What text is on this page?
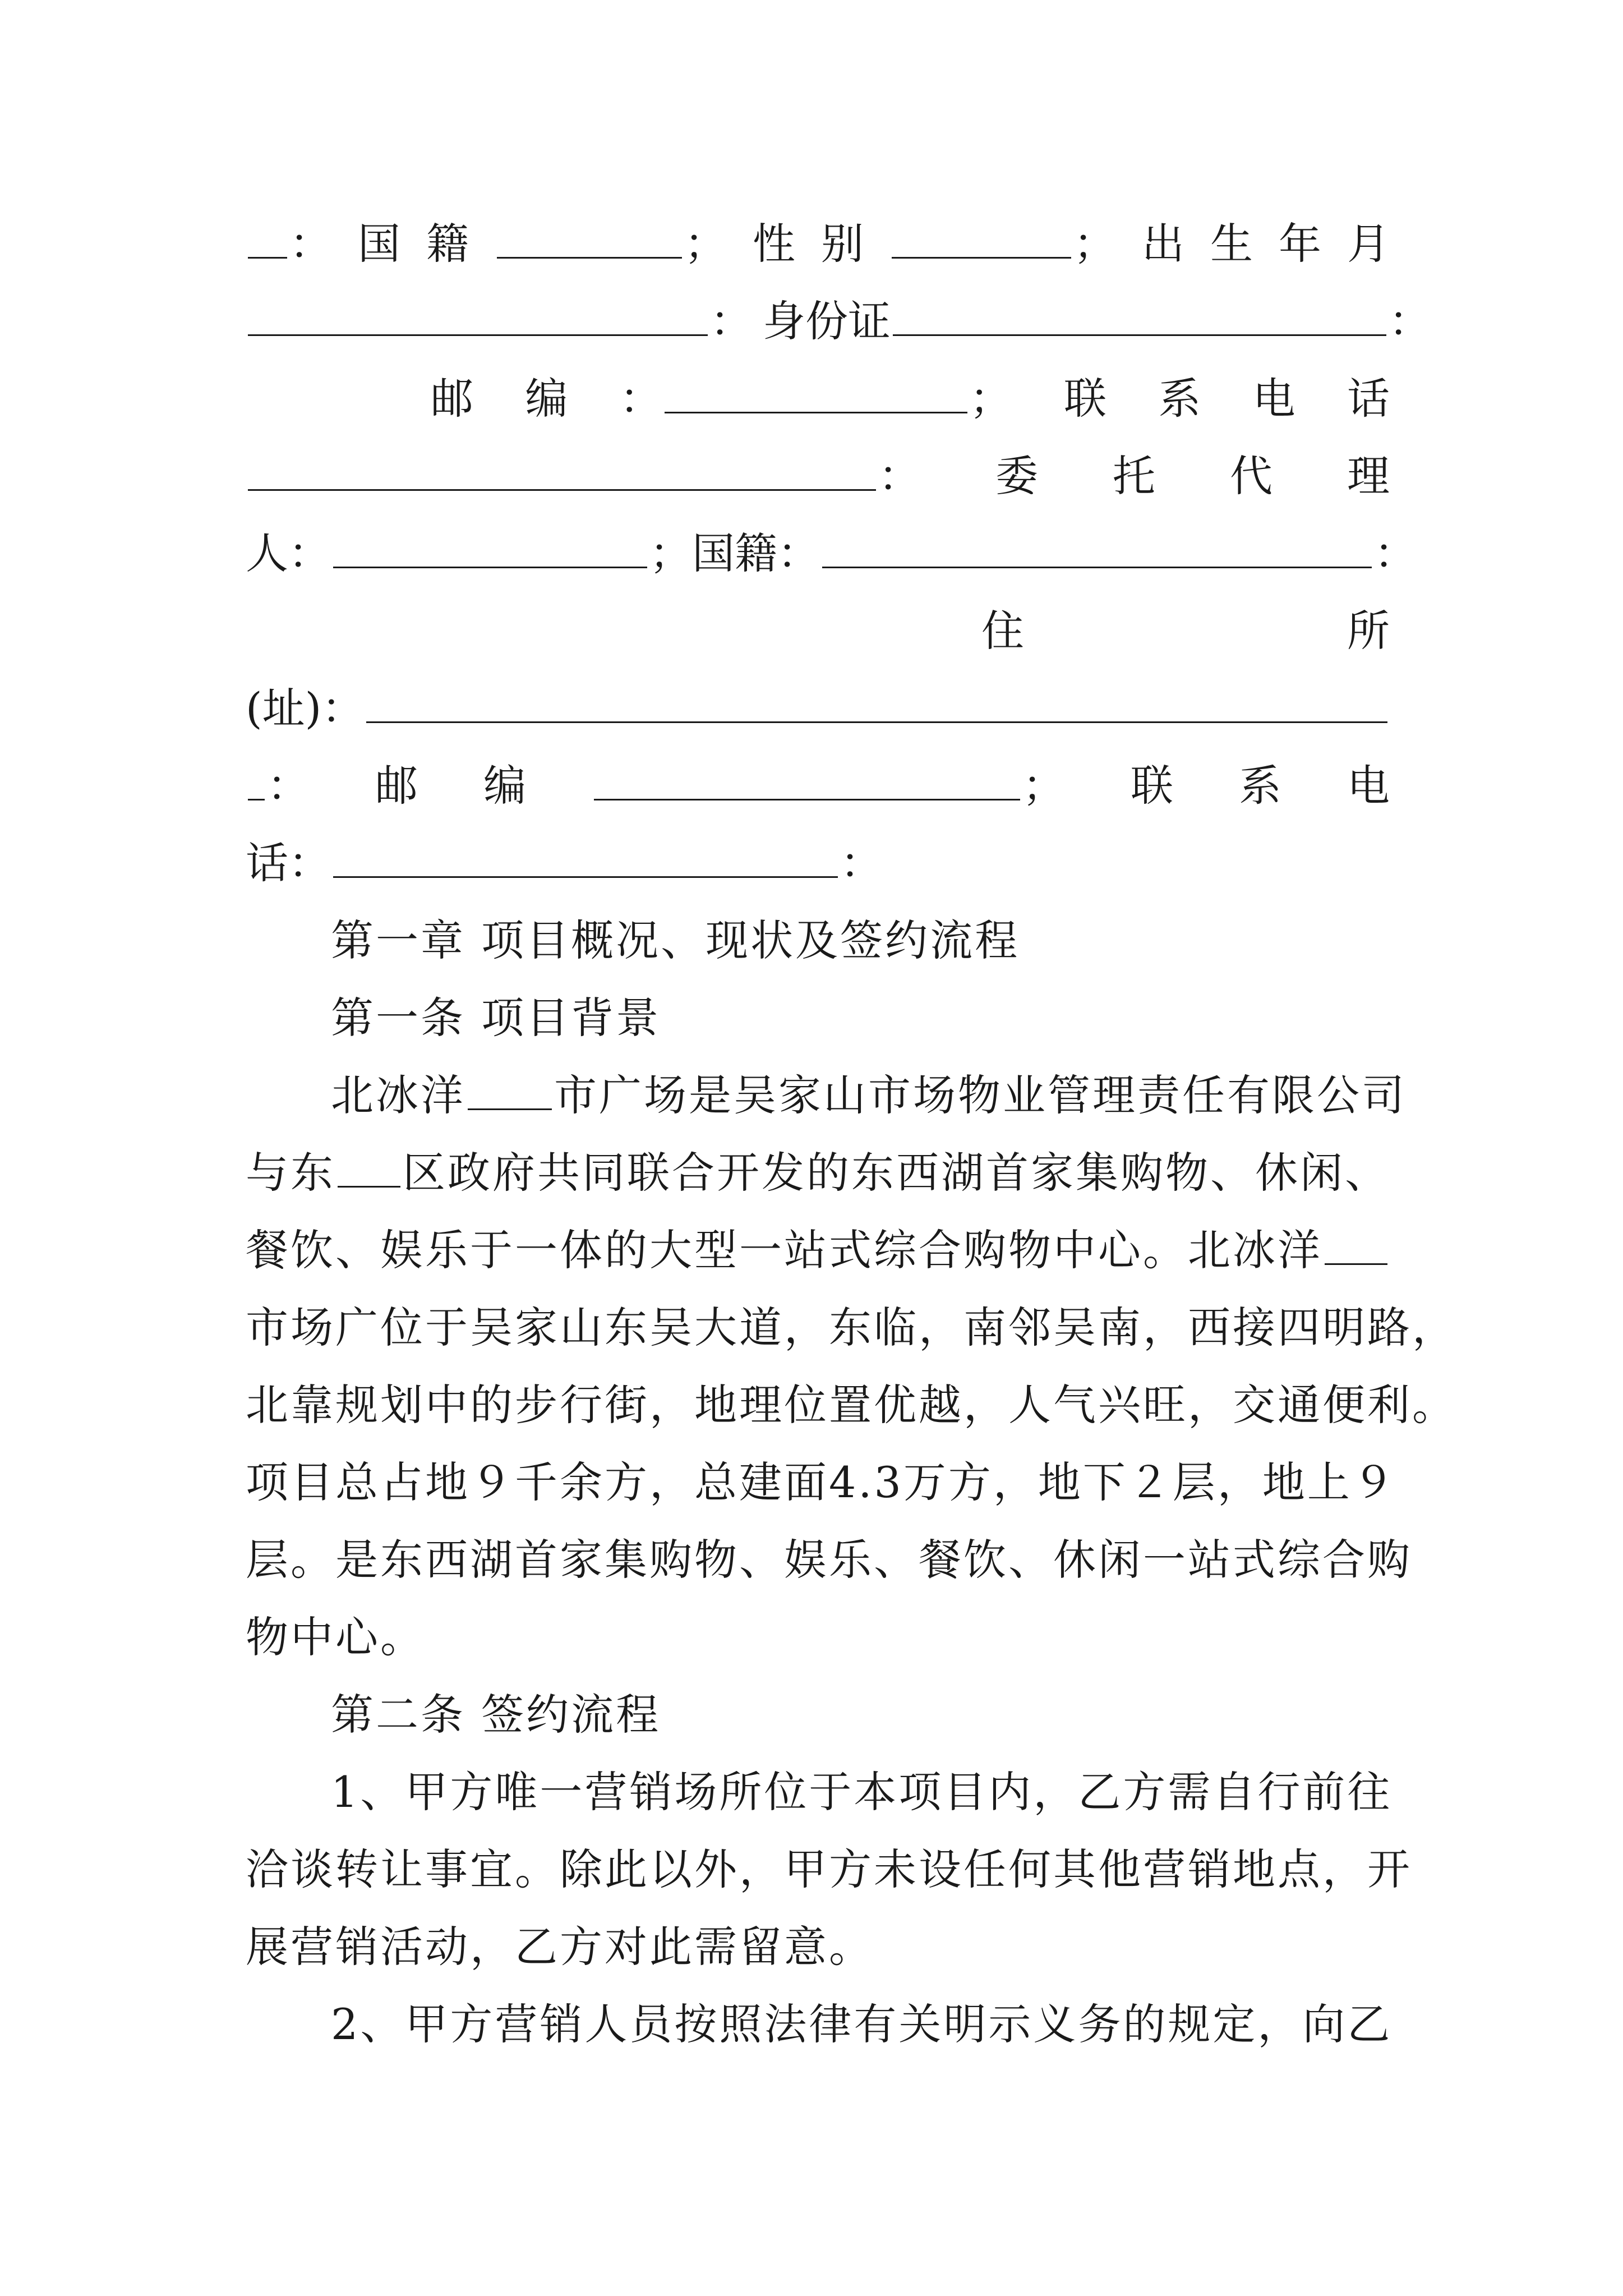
： 国 籍	； 性 别	； 出 生 年 月
： 身份证	：
邮 编 ：	； 联 系 电 话
： 委 托 代 理
人：	；国籍：	：
住	所
(址)：
： 邮 编	； 联 系 电
话：	：
第一章 项目概况、现状及签约流程
第一条 项目背景
北冰洋 市广场是吴家山市场物业管理责任有限公司
与东 区政府共同联合开发的东西湖首家集购物、休闲、
餐饮、娱乐于一体的大型一站式综合购物中心。北冰洋
市场广位于吴家山东吴大道，东临，南邻吴南，西接四明路，
北靠规划中的步行街，地理位置优越，人气兴旺，交通便利。
项目总占地９千余方，总建面4.3万方，地下２层，地上９
层。是东西湖首家集购物、娱乐、餐饮、休闲一站式综合购
物中心。
第二条 签约流程
1、甲方唯一营销场所位于本项目内，乙方需自行前往
洽谈转让事宜。除此以外，甲方未设任何其他营销地点，开
展营销活动，乙方对此需留意。
2、甲方营销人员按照法律有关明示义务的规定，向乙
